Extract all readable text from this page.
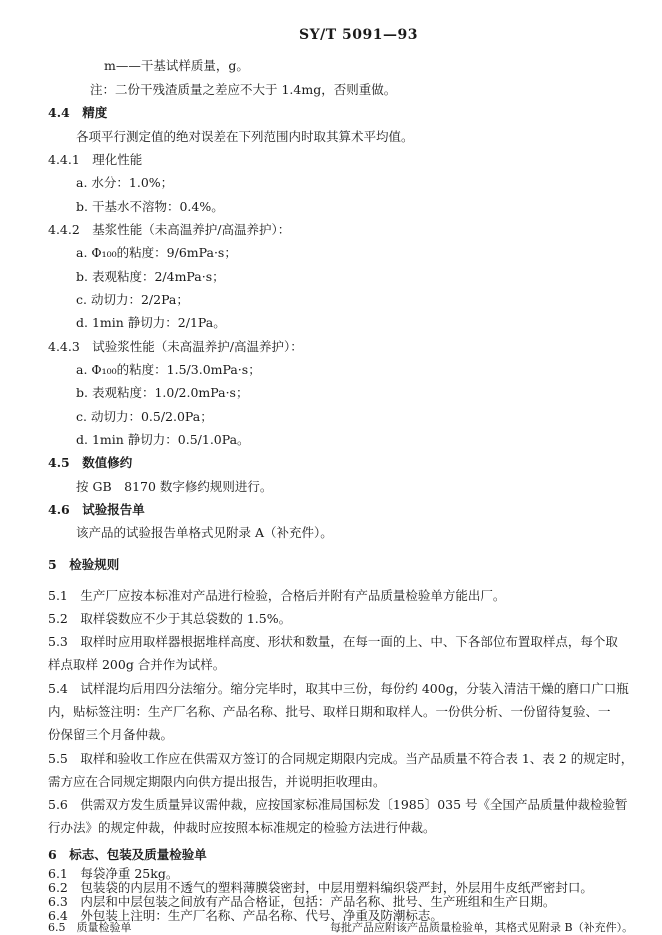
SY/T 5091—93
m——干基试样质量，g。
注：二份干残渣质量之差应不大于 1.4mg，否则重做。
4.4　精度
各项平行测定值的绝对误差在下列范围内时取其算术平均值。
4.4.1　理化性能
a. 水分：1.0%；
b. 干基水不溶物：0.4%。
4.4.2　基浆性能（未高温养护/高温养护）：
a. Φ₁₀₀的粘度：9/6mPa·s；
b. 表观粘度：2/4mPa·s；
c. 动切力：2/2Pa；
d. 1min 静切力：2/1Pa。
4.4.3　试验浆性能（未高温养护/高温养护）：
a. Φ₁₀₀的粘度：1.5/3.0mPa·s；
b. 表观粘度：1.0/2.0mPa·s；
c. 动切力：0.5/2.0Pa；
d. 1min 静切力：0.5/1.0Pa。
4.5　数值修约
按 GB　8170 数字修约规则进行。
4.6　试验报告单
该产品的试验报告单格式见附录 A（补充件）。
5　检验规则
5.1　生产厂应按本标准对产品进行检验，合格后并附有产品质量检验单方能出厂。
5.2　取样袋数应不少于其总袋数的 1.5%。
5.3　取样时应用取样器根据堆样高度、形状和数量，在每一面的上、中、下各部位布置取样点，每个取
样点取样 200g 合并作为试样。
5.4　试样混均后用四分法缩分。缩分完毕时，取其中三份，每份约 400g，分装入清洁干燥的磨口广口瓶
内，贴标签注明：生产厂名称、产品名称、批号、取样日期和取样人。一份供分析、一份留待复验、一
份保留三个月备仲裁。
5.5　取样和验收工作应在供需双方签订的合同规定期限内完成。当产品质量不符合表 1、表 2 的规定时，
需方应在合同规定期限内向供方提出报告，并说明拒收理由。
5.6　供需双方发生质量异议需仲裁，应按国家标准局国标发〔1985〕035 号《全国产品质量仲裁检验暂
行办法》的规定仲裁，仲裁时应按照本标准规定的检验方法进行仲裁。
6　标志、包装及质量检验单
6.1　每袋净重 25kg。
6.2　包装袋的内层用不透气的塑料薄膜袋密封，中层用塑料编织袋严封，外层用牛皮纸严密封口。
6.3　内层和中层包装之间放有产品合格证，包括：产品名称、批号、生产班组和生产日期。
6.4　外包装上注明：生产厂名称、产品名称、代号、净重及防潮标志。
6.5　质量检验单	每批产品应附该产品质量检验单，其格式见附录 B（补充件）。
